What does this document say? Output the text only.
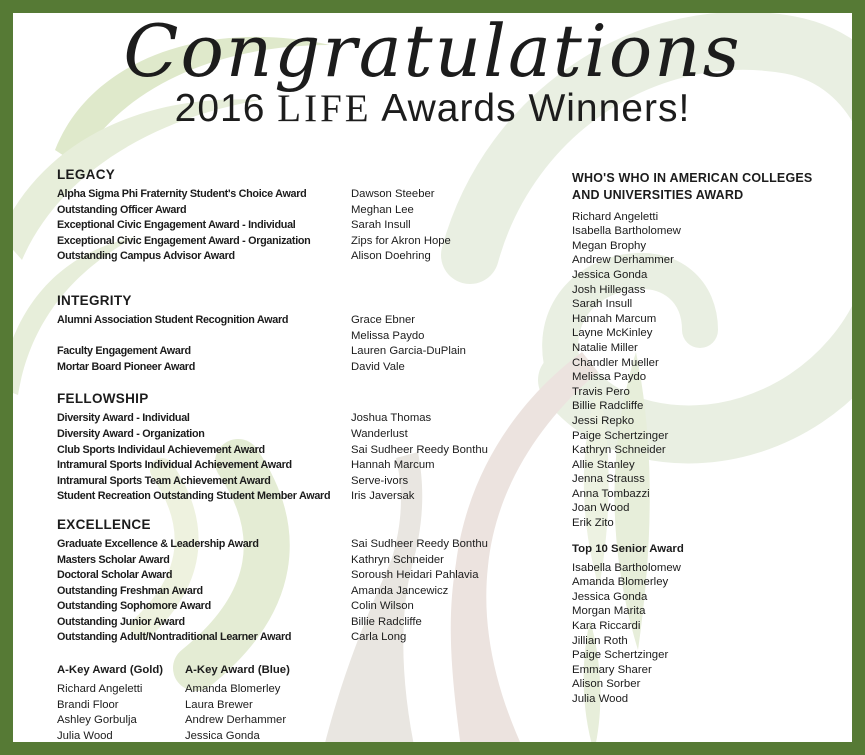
Congratulations
2016 LIFE Awards Winners!
LEGACY
Alpha Sigma Phi Fraternity Student's Choice Award	Dawson Steeber
Outstanding Officer Award	Meghan Lee
Exceptional Civic Engagement Award - Individual	Sarah Insull
Exceptional Civic Engagement Award - Organization	Zips for Akron Hope
Outstanding Campus Advisor Award	Alison Doehring
INTEGRITY
Alumni Association Student Recognition Award	Grace Ebner
Melissa Paydo
Faculty Engagement Award	Lauren Garcia-DuPlain
Mortar Board Pioneer Award	David Vale
FELLOWSHIP
Diversity Award - Individual	Joshua Thomas
Diversity Award - Organization	Wanderlust
Club Sports Individaul Achievement Award	Sai Sudheer Reedy Bonthu
Intramural Sports Individual Achievement Award	Hannah Marcum
Intramural Sports Team Achievement Award	Serve-ivors
Student Recreation Outstanding Student Member Award	Iris Javersak
EXCELLENCE
Graduate Excellence & Leadership Award	Sai Sudheer Reedy Bonthu
Masters Scholar Award	Kathryn Schneider
Doctoral Scholar Award	Soroush Heidari Pahlavia
Outstanding Freshman Award	Amanda Jancewicz
Outstanding Sophomore Award	Colin Wilson
Outstanding Junior Award	Billie Radcliffe
Outstanding Adult/Nontraditional Learner Award	Carla Long
A-Key Award (Gold)
Richard Angeletti
Brandi Floor
Ashley Gorbulja
Julia Wood
Erik Zito
A-Key Award (Blue)
Amanda Blomerley
Laura Brewer
Andrew Derhammer
Jessica Gonda
Jillian Roth
WHO'S WHO IN AMERICAN COLLEGES
AND UNIVERSITIES AWARD
Richard Angeletti
Isabella Bartholomew
Megan Brophy
Andrew Derhammer
Jessica Gonda
Josh Hillegass
Sarah Insull
Hannah Marcum
Layne McKinley
Natalie Miller
Chandler Mueller
Melissa Paydo
Travis Pero
Billie Radcliffe
Jessi Repko
Paige Schertzinger
Kathryn Schneider
Allie Stanley
Jenna Strauss
Anna Tombazzi
Joan Wood
Erik Zito
Top 10 Senior Award
Isabella Bartholomew
Amanda Blomerley
Jessica Gonda
Morgan Marita
Kara Riccardi
Jillian Roth
Paige Schertzinger
Emmary Sharer
Alison Sorber
Julia Wood
